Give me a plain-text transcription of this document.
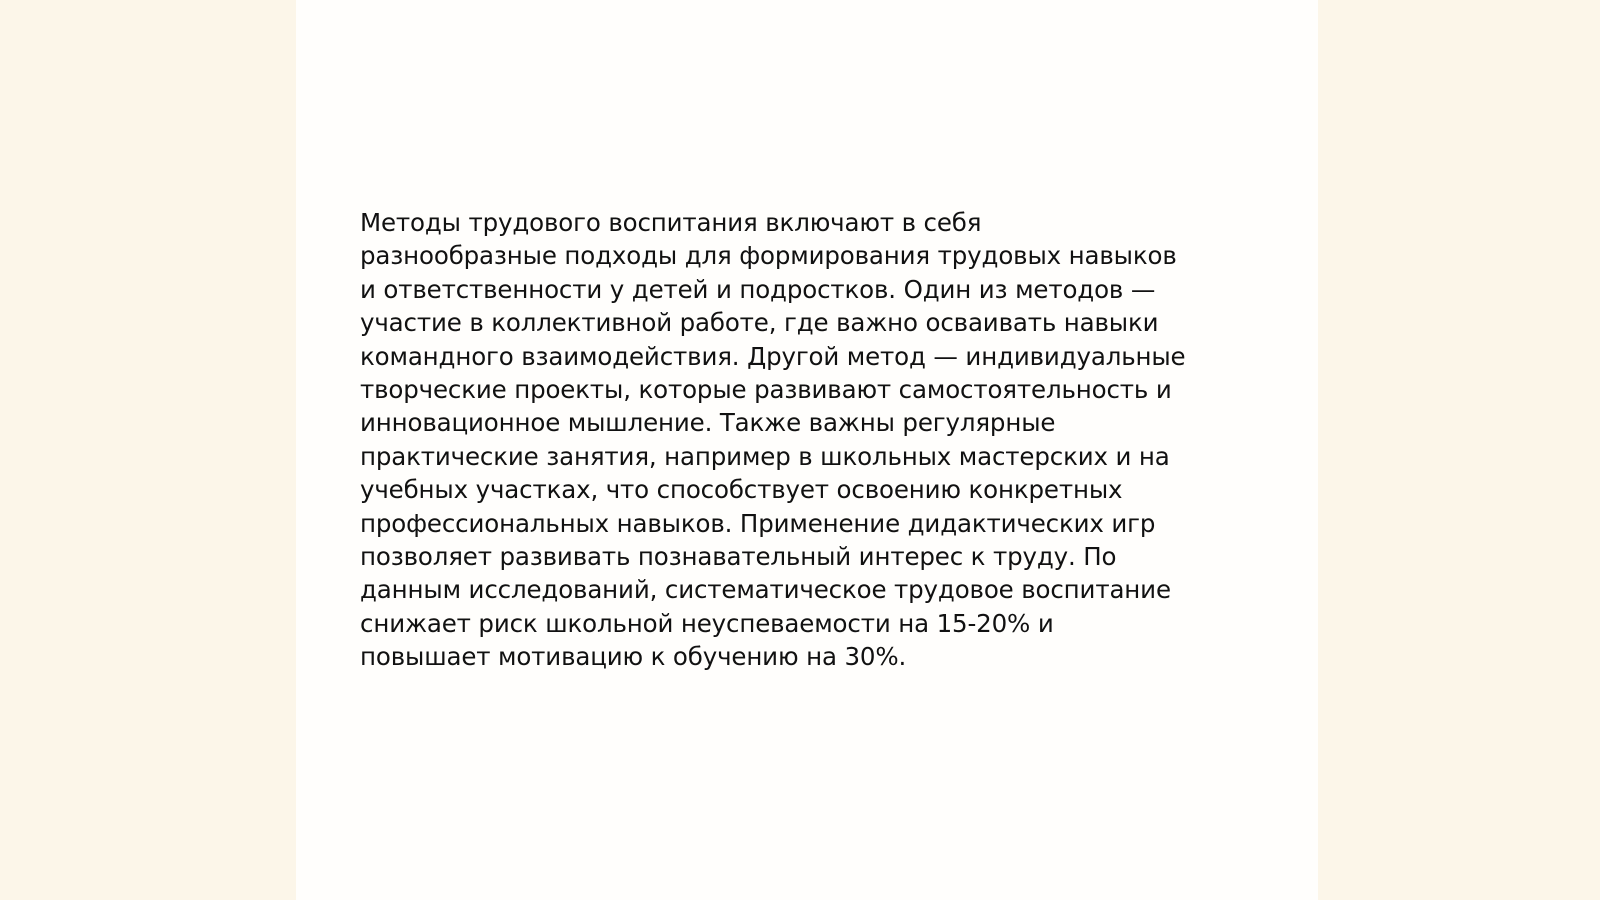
Методы трудового воспитания включают в себя
разнообразные подходы для формирования трудовых навыков
и ответственности у детей и подростков. Один из методов —
участие в коллективной работе, где важно осваивать навыки
командного взаимодействия. Другой метод — индивидуальные
творческие проекты, которые развивают самостоятельность и
инновационное мышление. Также важны регулярные
практические занятия, например в школьных мастерских и на
учебных участках, что способствует освоению конкретных
профессиональных навыков. Применение дидактических игр
позволяет развивать познавательный интерес к труду. По
данным исследований, систематическое трудовое воспитание
снижает риск школьной неуспеваемости на 15-20% и
повышает мотивацию к обучению на 30%.
